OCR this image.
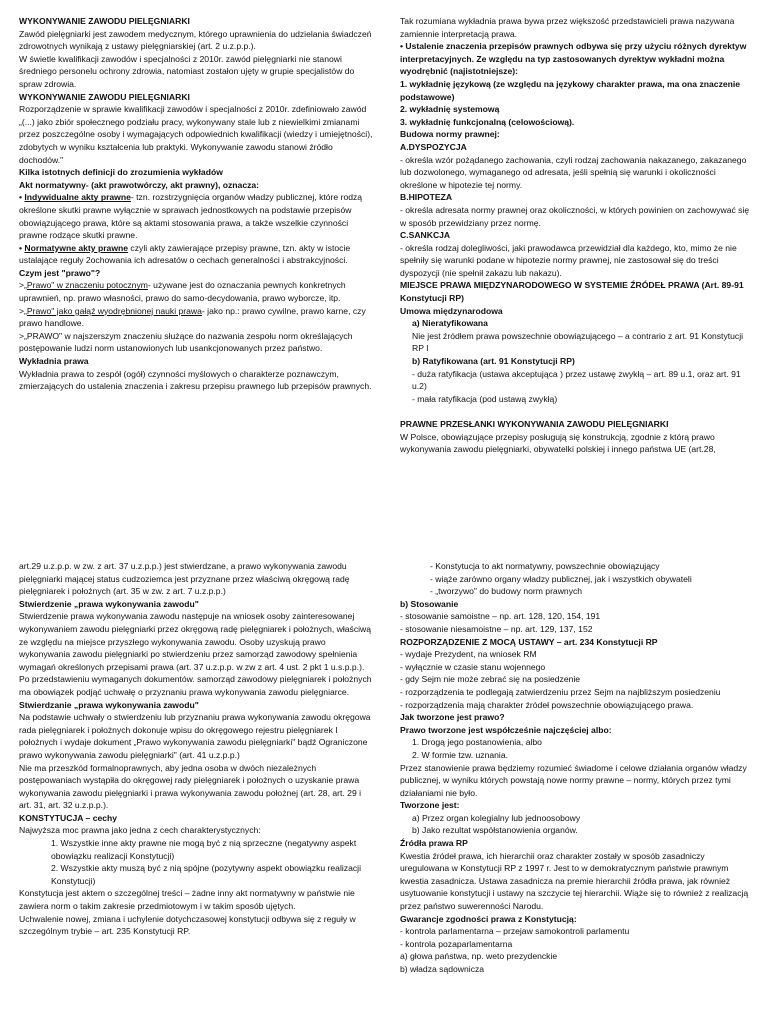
WYKONYWANIE ZAWODU PIELĘGNIARKI

Zawód pielęgniarki jest zawodem medycznym, którego uprawnienia do udzielania świadczeń zdrowotnych wynikają z ustawy pielęgniarskiej (art. 2 u.z.p.p.).

W świetle kwalifikacji zawodów i specjalności z 2010r. zawód pielęgniarki nie stanowi średniego personelu ochrony zdrowia, natomiast zostałon ujęty w grupie specjalistów do spraw zdrowia.

WYKONYWANIE ZAWODU PIELĘGNIARKI

Rozporządzenie w sprawie kwalifikacji zawodów i specjalności z 2010r. zdefiniowało zawód „(...) jako zbiór społecznego podziału pracy, wykonywany stale lub z niewielkimi zmianami przez poszczególne osoby i wymagających odpowiednich kwalifikacji (wiedzy i umiejętności), zdobytych w wyniku kształcenia lub praktyki. Wykonywanie zawodu stanowi źródło dochodów."

Kilka istotnych definicji do zrozumienia wykładów

Akt normatywny- (akt prawotwórczy, akt prawny), oznacza:

• Indywidualne akty prawne- tzn. rozstrzygnięcia organów władzy publicznej, które rodzą określone skutki prawne wyłącznie w sprawach jednostkowych na podstawie przepisów obowiązującego prawa, które są aktami stosowania prawa, a także wszelkie czynności prawne rodzące skutki prawne.

• Normatywne akty prawne czyli akty zawierające przepisy prawne, tzn. akty w istocie ustalające reguły 2ochowania ich adresatów o cechach generalności i abstrakcyjności.

Czym jest "prawo"?

>„Prawo" w znaczeniu potocznym- używane jest do oznaczania pewnych konkretnych uprawnień, np. prawo własności, prawo do samo-decydowania, prawo wyborcze, itp.

>„Prawo" jako gałąź wyodrębnionej nauki prawa- jako np.: prawo cywilne, prawo karne, czy prawo handlowe.

>„PRAWO" w najszerszym znaczeniu służące do nazwania zespołu norm określających postępowanie ludzi norm ustanowionych lub usankcjonowanych przez państwo.

Wykładnia prawa

Wykładnia prawa to zespół (ogół) czynności myślowych o charakterze poznawczym, zmierzających do ustalenia znaczenia i zakresu przepisu prawnego lub przepisów prawnych.

Tak rozumiana wykładnia prawa bywa przez większość przedstawicieli prawa nazywana zamiennie interpretacją prawa.

• Ustalenie znaczenia przepisów prawnych odbywa się przy użyciu różnych dyrektyw interpretacyjnych. Ze względu na typ zastosowanych dyrektyw wykładni można wyodrębnić (najistotniejsze):

1. wykładnię językową (ze względu na językowy charakter prawa, ma ona znaczenie podstawowe)

2. wykładnię systemową

3. wykładnię funkcjonalną (celowościową).

Budowa normy prawnej:

A.DYSPOZYCJA

- określa wzór pożądanego zachowania, czyli rodzaj zachowania nakazanego, zakazanego lub dozwolonego, wymaganego od adresata, jeśli spełnią się warunki i okoliczności określone w hipotezie tej normy.

B.HIPOTEZA

- określa adresata normy prawnej oraz okoliczności, w których powinien on zachowywać się w sposób przewidziany przez normę.

C.SANKCJA

- określa rodzaj dolegliwości, jaki prawodawca przewidział dla każdego, kto, mimo że nie spełniły się warunki podane w hipotezie normy prawnej, nie zastosował się do treści dyspozycji (nie spełnił zakazu lub nakazu).

MIEJSCE PRAWA MIĘDZYNARODOWEGO W SYSTEMIE ŹRÓDEŁ PRAWA (Art. 89-91 Konstytucji RP)

Umowa międzynarodowa

a) Nieratyfikowana

Nie jest źródłem prawa powszechnie obowiązującego – a contrario z art. 91 Konstytucji RP I

b) Ratyfikowana (art. 91 Konstytucji RP)

- duża ratyfikacja (ustawa akceptująca ) przez ustawę zwykłą – art. 89 u.1, oraz art. 91 u.2)

- mała ratyfikacja (pod ustawą zwykłą)

PRAWNE PRZESŁANKI WYKONYWANIA ZAWODU PIELĘGNIARKI

W Polsce, obowiązujące przepisy posługują się konstrukcją, zgodnie z którą prawo wykonywania zawodu pielęgniarki, obywatelki polskiej i innego państwa UE (art.28,

art.29 u.z.p.p. w zw. z art. 37 u.z.p.p.) jest stwierdzane, a prawo wykonywania zawodu pielęgniarki mającej status cudzoziemca jest przyznane przez właściwą okręgową radę pielęgniarek i położnych (art. 35 w zw. z art. 7 u.z.p.p.)

Stwierdzenie „prawa wykonywania zawodu"

Stwierdzenie prawa wykonywania zawodu następuje na wniosek osoby zainteresowanej wykonywaniem zawodu pielęgniarki przez okręgową radę pielęgniarek i położnych, właściwą ze względu na miejsce przyszłego wykonywania zawodu. Osoby uzyskują prawo wykonywania zawodu pielęgniarki po stwierdzeniu przez samorząd zawodowy spełnienia wymagań określonych przepisami prawa (art. 37 u.z.p.p. w zw z art. 4 ust. 2 pkt 1 u.s.p.p.).

Po przedstawieniu wymaganych dokumentów. samorząd zawodowy pielęgniarek i położnych ma obowiązek podjąć uchwałę o przyznaniu prawa wykonywania zawodu pielęgniarce.

Stwierdzanie „prawa wykonywania zawodu"

Na podstawie uchwały o stwierdzeniu lub przyznaniu prawa wykonywania zawodu okręgowa rada pielęgniarek i położnych dokonuje wpisu do okręgowego rejestru pielęgniarek I położnych i wydaje dokument „Prawo wykonywania zawodu pielęgniarki" bądź Ograniczone prawo wykonywania zawodu pielęgniarki" (art. 41 u.z.p.p.)

Nie ma przeszkód formalnoprawnych, aby jedna osoba w dwóch niezależnych postępowaniach wystąpiła do okręgowej rady pielęgniarek i położnych o uzyskanie prawa wykonywania zawodu pielęgniarki i prawa wykonywania zawodu położnej (art. 28, art. 29 i art. 31, art. 32 u.z.p.p.).

KONSTYTUCJA – cechy

Najwyższa moc prawna jako jedna z cech charakterystycznych:

1. Wszystkie inne akty prawne nie mogą być z nią sprzeczne (negatywny aspekt obowiązku realizacji Konstytucji)

2. Wszystkie akty muszą być z nią spójne (pozytywny aspekt obowiązku realizacji Konstytucji)

Konstytucja jest aktem o szczególnej treści – żadne inny akt normatywny w państwie nie zawiera norm o takim zakresie przedmiotowym i w takim sposób ujętych.

Uchwalenie nowej, zmiana i uchylenie dotychczasowej konstytucji odbywa się z reguły w szczególnym trybie – art. 235 Konstytucji RP.

- Konstytucja to akt normatywny, powszechnie obowiązujący

- wiąże zarówno organy władzy publicznej, jak i wszystkich obywateli

- „tworzywo" do budowy norm prawnych

b) Stosowanie

- stosowanie samoistne – np. art. 128, 120, 154, 191

- stosowanie niesamoistne – np. art. 129, 137, 152

ROZPORZĄDZENIE Z MOCĄ USTAWY – art. 234 Konstytucji RP

- wydaje Prezydent, na wniosek RM

- wyłącznie w czasie stanu wojennego

- gdy Sejm nie może zebrać się na posiedzenie

- rozporządzenia te podlegają zatwierdzeniu przez Sejm na najbliższym posiedzeniu

- rozporządzenia mają charakter źródeł powszechnie obowiązującego prawa.

Jak tworzone jest prawo?

Prawo tworzone jest współcześnie najczęściej albo:

1. Drogą jego postanowienia, albo

2. W formie tzw. uznania.

Przez stanowienie prawa będziemy rozumieć świadome i celowe działania organów władzy publicznej, w wyniku których powstają nowe normy prawne – normy, których przez tymi działaniami nie było.

Tworzone jest:

a) Przez organ kolegialny lub jednoosobowy

b) Jako rezultat współstanowienia organów.

Źródła prawa RP

Kwestia źródeł prawa, ich hierarchii oraz charakter zostały w sposób zasadniczy uregulowana w Konstytucji RP z 1997 r. Jest to w demokratycznym państwie prawnym kwestia zasadnicza. Ustawa zasadnicza na premie hierarchii źródła prawa, jak również usytuowanie konstytucji i ustawy na szczycie tej hierarchii. Wiąże się to również z realizacją przez państwo suwerenności Narodu.

Gwarancje zgodności prawa z Konstytucją:

- kontrola parlamentarna – przejaw samokontroli parlamentu

- kontrola pozaparlamentarna

a) głowa państwa, np. weto prezydenckie

b) władza sądownicza
